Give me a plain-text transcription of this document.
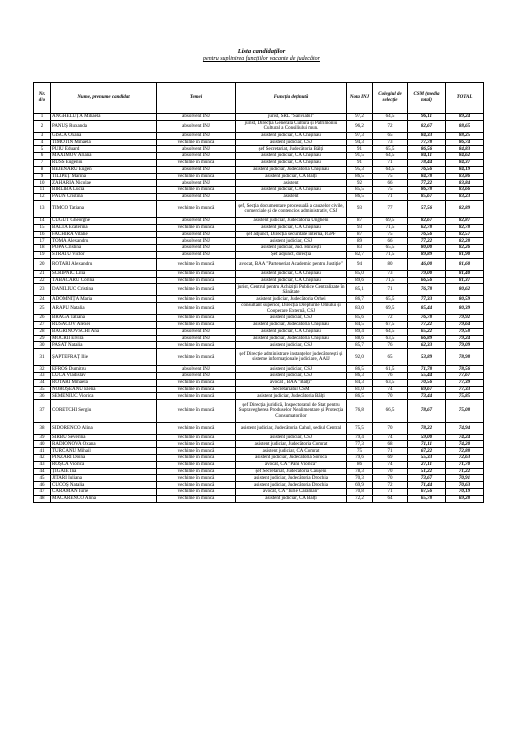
Lista candidaților
pentru suplinirea funcțiilor vacante de judecător
Nr. d/o	Nume, prenume candidat	Temei	Funcția deținută	Nota INJ	Colegiul de selecție	CSM (media total)	TOTAL
1	ANGHELUȚĂ Mihaela	absolvent INJ	jurist, SRL "Sanviabil"	97,2	64,5	96,11	89,24
2	PANUȘ Ruxanda	absolvent INJ	jurist, Direcția Generală Cultură și Patrimoniu Cultural a Consiliului mun.	96,2	72	82,67	88,65
3	GÎSCĂ Oxana	absolvent INJ	asistent judiciar, CA Chișinău	97,3	65	84,33	88,25
4	TIMOTIN Mihaela	vechime în muncă	asistent judiciar, CSJ	94,3	73	77,78	86,74
5	PUIU Eduard	absolvent INJ	șef Secretariat, Judecătoria Bălți	91	65,5	86,56	84,83
6	MAXIMOV Ariana	absolvent INJ	asistent judiciar, CA Chișinău	91,5	64,5	84,11	84,62
7	RUSS Eugeniu	vechime în muncă	asistent judiciar, CA Chișinău	91	71	78,44	84,37
8	BEJENARU Eugen	absolvent INJ	asistent judiciar, Judecătoria Chișinău	95,3	64,5	76,56	84,19
9	TILIPEȚ Marina	vechime în muncă	asistent judiciar, CA Bălți	86,5	75	84,78	83,86
10	ZAHARIA Nicolae	absolvent INJ	asistent	92	66	77,22	83,84
11	BÎRLIBA Lucia	vechime în muncă	asistent judiciar, CA Chișinău	85,5	75	86,78	83,66
12	PĂUN Cristina	absolvent INJ	asistent	86,5	71	85,67	83,23
13	TIMCO Tatiana	vechime în muncă	șef, Secția documentare procesuală a cauzelor civile, comerciale și de contencios administrativ, CSJ	93	77	57,56	82,89
14	CUGUT Gheorghe	absolvent INJ	asistent judiciar, Judecătoria Ungheni	87	69,5	82,67	82,87
15	BALTA Ecaterina	vechime în muncă	asistent judiciar, CA Chișinău	93	71,5	62,78	82,78
16	FACHIRA Vitalie	absolvent INJ	șef adjunct, Direcția securitate internă, IGPF	87	75	76,56	82,57
17	TOMA Alexandru	absolvent INJ	asistent judiciar, CSJ	89	66	77,22	82,28
18	POPA Cristina	absolvent INJ	asistent judiciar, Jud. Hîncești	83	65,5	80,00	82,26
19	STRATU Victor	absolvent INJ	Șef adjunct, direcția	82,7	71,5	89,89	81,90
20	ROTARI Alexandru	vechime în muncă	avocat, BAA "Parteneriat Academic pentru Justiție"	94	80	46,00	81,60
21	SCRIPNIC Lilia	vechime în muncă	asistent judiciar, CA Chișinău	85,0	73	79,00	81,40
22	TĂBĂCARU Corina	vechime în muncă	asistent judiciar, CA Chișinău	89,6	71,5	66,56	81,37
23	DANILIUC Cristina	vechime în muncă	jurist, Centrul pentru Achiziții Publice Centralizate în Sănătate	85,1	71	76,78	80,62
24	ADOMNIȚA Maria	vechime în muncă	asistent judiciar, Judecătoria Orhei	86,7	65,5	77,33	80,59
25	ARAPU Natalia	vechime în muncă	consultant superior, Direcția Drepturile Omului și Cooperare Externă, CSJ	83,0	69,5	85,44	80,39
26	BRAGA Tatiana	vechime în muncă	asistent judiciar, CSJ	85,6	72	76,78	79,92
27	RUSACOV Alexei	vechime în muncă	asistent judiciar, Judecătoria Chișinău	84,5	67,5	77,22	79,64
28	BAGRINOVSCHI Ana	absolvent INJ	asistent judiciar, CA Chișinău	89,4	64,5	65,22	79,58
29	MOCRII Elvira	absolvent INJ	asistent judiciar, Judecătoria Chișinău	88,6	63,5	66,89	79,24
30	PASAT Natalia	vechime în muncă	asistent judiciar, CSJ	85,7	76	62,33	79,09
31	ȘAPTEFRAȚ Ilie	vechime în muncă	șef Direcție administrare instanțelor judecătorești și sisteme informaționale judiciare, AAIJ	92,0	65	53,89	78,98
32	EFROS Dumitru	absolvent INJ	asistent judiciar, CSJ	86,5	61,5	71,78	78,56
33	LUCA Vladislav	absolvent INJ	asistent judiciar, CSJ	86,3	76	55,44	77,67
34	ROTARI Mihaela	vechime în muncă	avocat , BAA "Bălți"	84,3	63,5	70,56	77,39
35	NOROȘEANU Elena	vechime în muncă	Secretariatul CSM	81,0	74	69,67	77,33
36	SEMENIUC Viorica	vechime în muncă	asistent judiciar, Judecătoria Bălți	86,5	70	73,44	75,85
37	CORETCHI Sergiu	vechime în muncă	șef Direcția juridică, Inspectoratul de Stat pentru Supravegherea Produselor Nealimentare și Protecția Consumatorilor	76,8	66,5	78,67	75,08
38	SIDORENCO Alina	vechime în muncă	asistent judiciar, Judecătoria Cahul, sediul Central	75,5	70	78,22	74,94
39	SÎRBU Severina	vechime în muncă	asistent judiciar, CSJ	79,4	74	59,00	74,24
40	RADIONOVA Oxana	vechime în muncă	asistent judiciar, Judecătoria Comrat	77,3	68	71,11	74,20
41	TURCANU Mihail	vechime în muncă	asistent judiciar, CA Comrat	75	71	67,22	72,88
42	PÎNZARI Doina	vechime în muncă	asistent judiciar, Judecătoria Soroca	79,6	69	55,33	72,63
43	ROȘCA Viorica	vechime în muncă	avocat, CA "Pani Viorica"	86	74	27,11	71,70
44	ȚIGAIE Ina	vechime în muncă	șef Secretariat, Judecătoria Căușeni	78,3	70	51,22	71,22
45	JITARI Iuliana	vechime în muncă	asistent judiciar, Judecătoria Drochia	70,3	70	73,67	70,91
46	CUCOȘ Natalia	vechime în muncă	asistent judiciar, Judecătoria Drochia	69,9	72	71,44	70,63
47	CARAMAN Iurie	vechime în muncă	avocat, CA "Iurie Caraman"	70,8	71	67,56	70,19
48	MACARENCO Alina	vechime în muncă	asistent judiciar, CA Bălți	72,2	64	65,78	69,28
